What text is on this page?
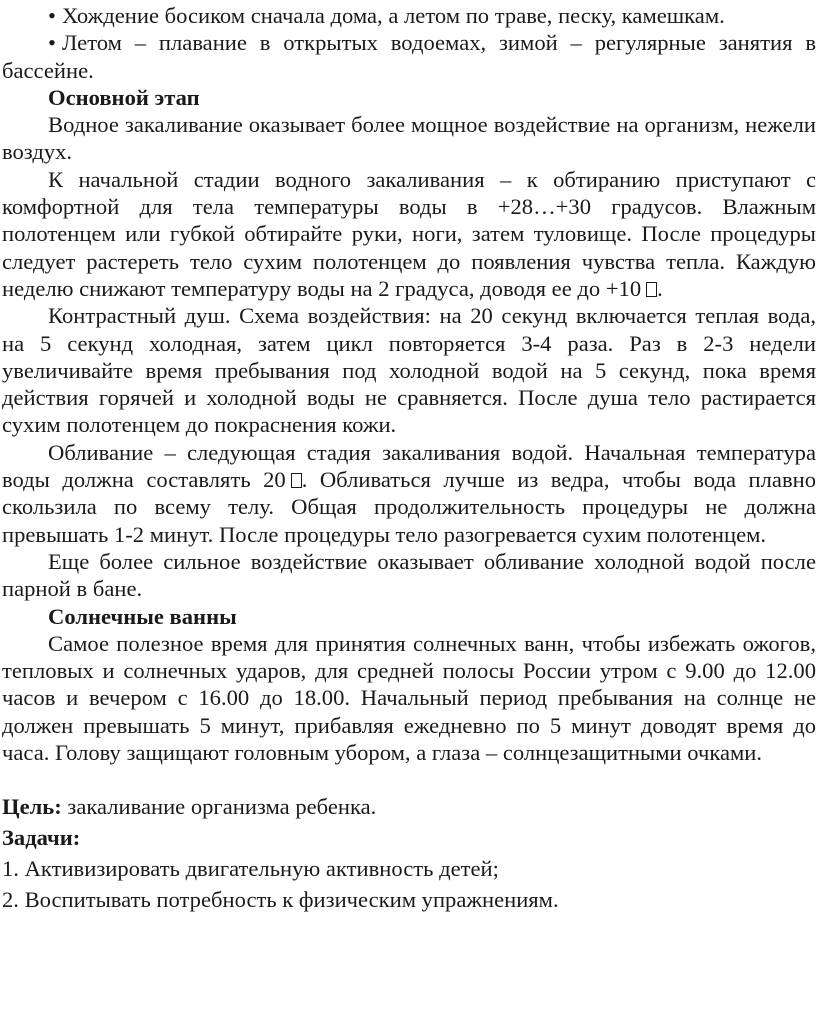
• Хождение босиком сначала дома, а летом по траве, песку, камешкам.

• Летом – плавание в открытых водоемах, зимой – регулярные занятия в бассейне.

Основной этап

Водное закаливание оказывает более мощное воздействие на организм, нежели воздух.

К начальной стадии водного закаливания – к обтиранию приступают с комфортной для тела температуры воды в +28…+30 градусов. Влажным полотенцем или губкой обтирайте руки, ноги, затем туловище. После процедуры следует растереть тело сухим полотенцем до появления чувства тепла. Каждую неделю снижают температуру воды на 2 градуса, доводя ее до +10 .

Контрастный душ. Схема воздействия: на 20 секунд включается теплая вода, на 5 секунд холодная, затем цикл повторяется 3-4 раза. Раз в 2-3 недели увеличивайте время пребывания под холодной водой на 5 секунд, пока время действия горячей и холодной воды не сравняется. После душа тело растирается сухим полотенцем до покраснения кожи.

Обливание – следующая стадия закаливания водой. Начальная температура воды должна составлять 20 . Обливаться лучше из ведра, чтобы вода плавно скользила по всему телу. Общая продолжительность процедуры не должна превышать 1-2 минут. После процедуры тело разогревается сухим полотенцем.

Еще более сильное воздействие оказывает обливание холодной водой после парной в бане.

Солнечные ванны

Самое полезное время для принятия солнечных ванн, чтобы избежать ожогов, тепловых и солнечных ударов, для средней полосы России утром с 9.00 до 12.00 часов и вечером с 16.00 до 18.00. Начальный период пребывания на солнце не должен превышать 5 минут, прибавляя ежедневно по 5 минут доводят время до часа. Голову защищают головным убором, а глаза – солнцезащитными очками.

Цель: закаливание организма ребенка.

Задачи:

1. Активизировать двигательную активность детей;

2. Воспитывать потребность к физическим упражнениям.
